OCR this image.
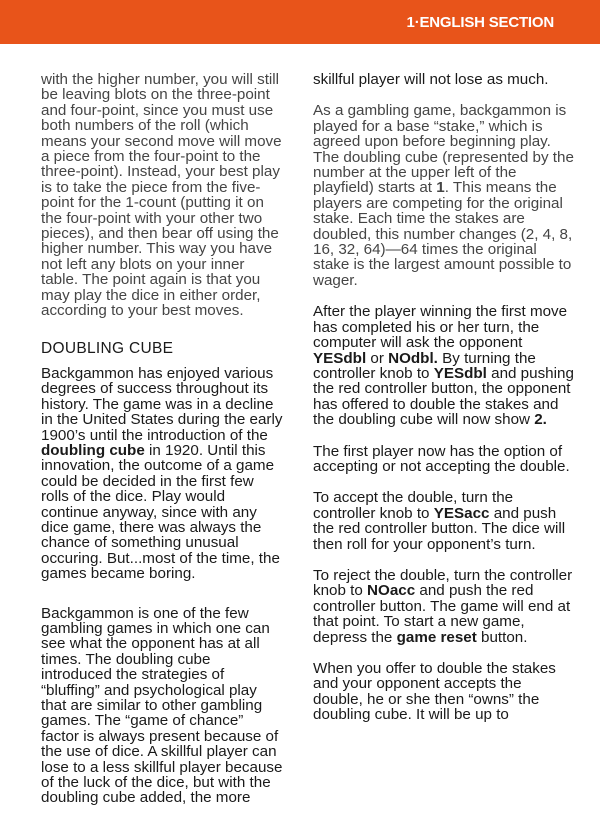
1·ENGLISH SECTION

with the higher number, you will still be leaving blots on the three-point and four-point, since you must use both numbers of the roll (which means your second move will move a piece from the four-point to the three-point). Instead, your best play is to take the piece from the five-point for the 1-count (putting it on the four-point with your other two pieces), and then bear off using the higher number. This way you have not left any blots on your inner table. The point again is that you may play the dice in either order, according to your best moves.

DOUBLING CUBE

Backgammon has enjoyed various degrees of success throughout its history. The game was in a decline in the United States during the early 1900’s until the introduction of the doubling cube in 1920. Until this innovation, the outcome of a game could be decided in the first few rolls of the dice. Play would continue anyway, since with any dice game, there was always the chance of something unusual occuring. But...most of the time, the games became boring.

Backgammon is one of the few gambling games in which one can see what the opponent has at all times. The doubling cube introduced the strategies of “bluffing” and psychological play that are similar to other gambling games. The “game of chance” factor is always present because of the use of dice. A skillful player can lose to a less skillful player because of the luck of the dice, but with the doubling cube added, the more

skillful player will not lose as much.

As a gambling game, backgammon is played for a base “stake,” which is agreed upon before beginning play. The doubling cube (represented by the number at the upper left of the playfield) starts at 1. This means the players are competing for the original stake. Each time the stakes are doubled, this number changes (2, 4, 8, 16, 32, 64)—64 times the original stake is the largest amount possible to wager.

After the player winning the first move has completed his or her turn, the computer will ask the opponent YESdbl or NOdbl. By turning the controller knob to YESdbl and pushing the red controller button, the opponent has offered to double the stakes and the doubling cube will now show 2.

The first player now has the option of accepting or not accepting the double.

To accept the double, turn the controller knob to YESacc and push the red controller button. The dice will then roll for your opponent’s turn.

To reject the double, turn the controller knob to NOacc and push the red controller button. The game will end at that point. To start a new game, depress the game reset button.

When you offer to double the stakes and your opponent accepts the double, he or she then “owns” the doubling cube. It will be up to
